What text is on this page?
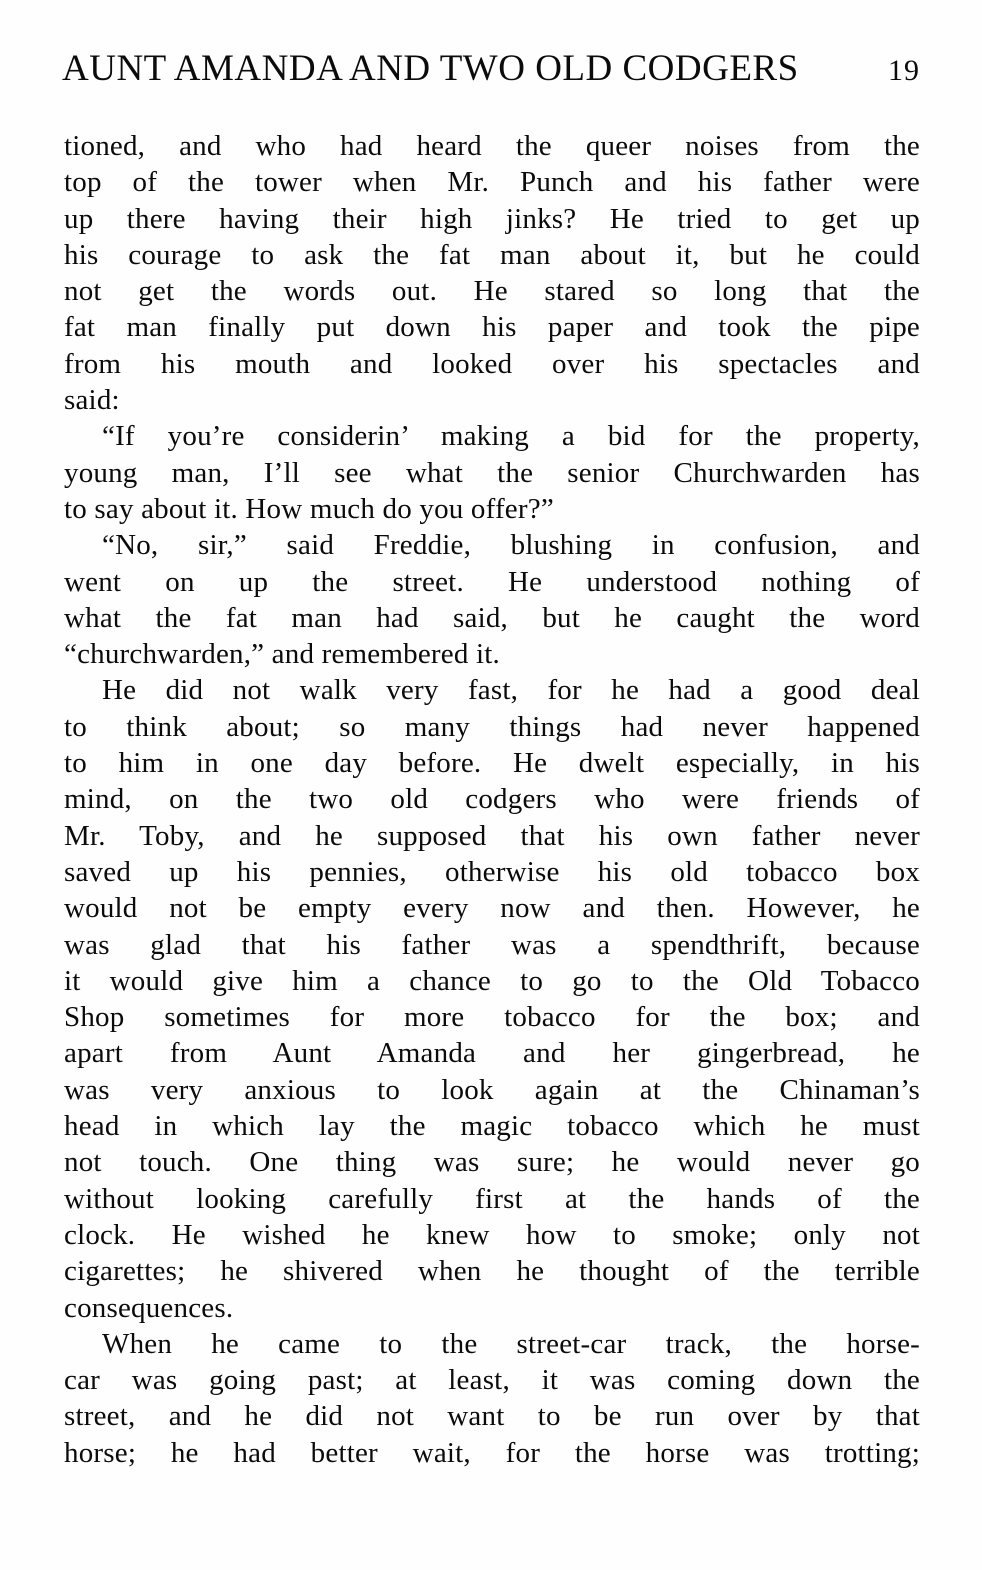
AUNT AMANDA AND TWO OLD CODGERS	19
tioned, and who had heard the queer noises from the
top of the tower when Mr. Punch and his father were
up there having their high jinks? He tried to get up
his courage to ask the fat man about it, but he could
not get the words out. He stared so long that the
fat man finally put down his paper and took the pipe
from his mouth and looked over his spectacles and
said:
“If you’re considerin’ making a bid for the property,
young man, I’ll see what the senior Churchwarden has
to say about it. How much do you offer?”
“No, sir,” said Freddie, blushing in confusion, and
went on up the street. He understood nothing of
what the fat man had said, but he caught the word
“churchwarden,” and remembered it.
He did not walk very fast, for he had a good deal
to think about; so many things had never happened
to him in one day before. He dwelt especially, in his
mind, on the two old codgers who were friends of
Mr. Toby, and he supposed that his own father never
saved up his pennies, otherwise his old tobacco box
would not be empty every now and then. However, he
was glad that his father was a spendthrift, because
it would give him a chance to go to the Old Tobacco
Shop sometimes for more tobacco for the box; and
apart from Aunt Amanda and her gingerbread, he
was very anxious to look again at the Chinaman’s
head in which lay the magic tobacco which he must
not touch. One thing was sure; he would never go
without looking carefully first at the hands of the
clock. He wished he knew how to smoke; only not
cigarettes; he shivered when he thought of the terrible
consequences.
When he came to the street-car track, the horse-
car was going past; at least, it was coming down the
street, and he did not want to be run over by that
horse; he had better wait, for the horse was trotting;
